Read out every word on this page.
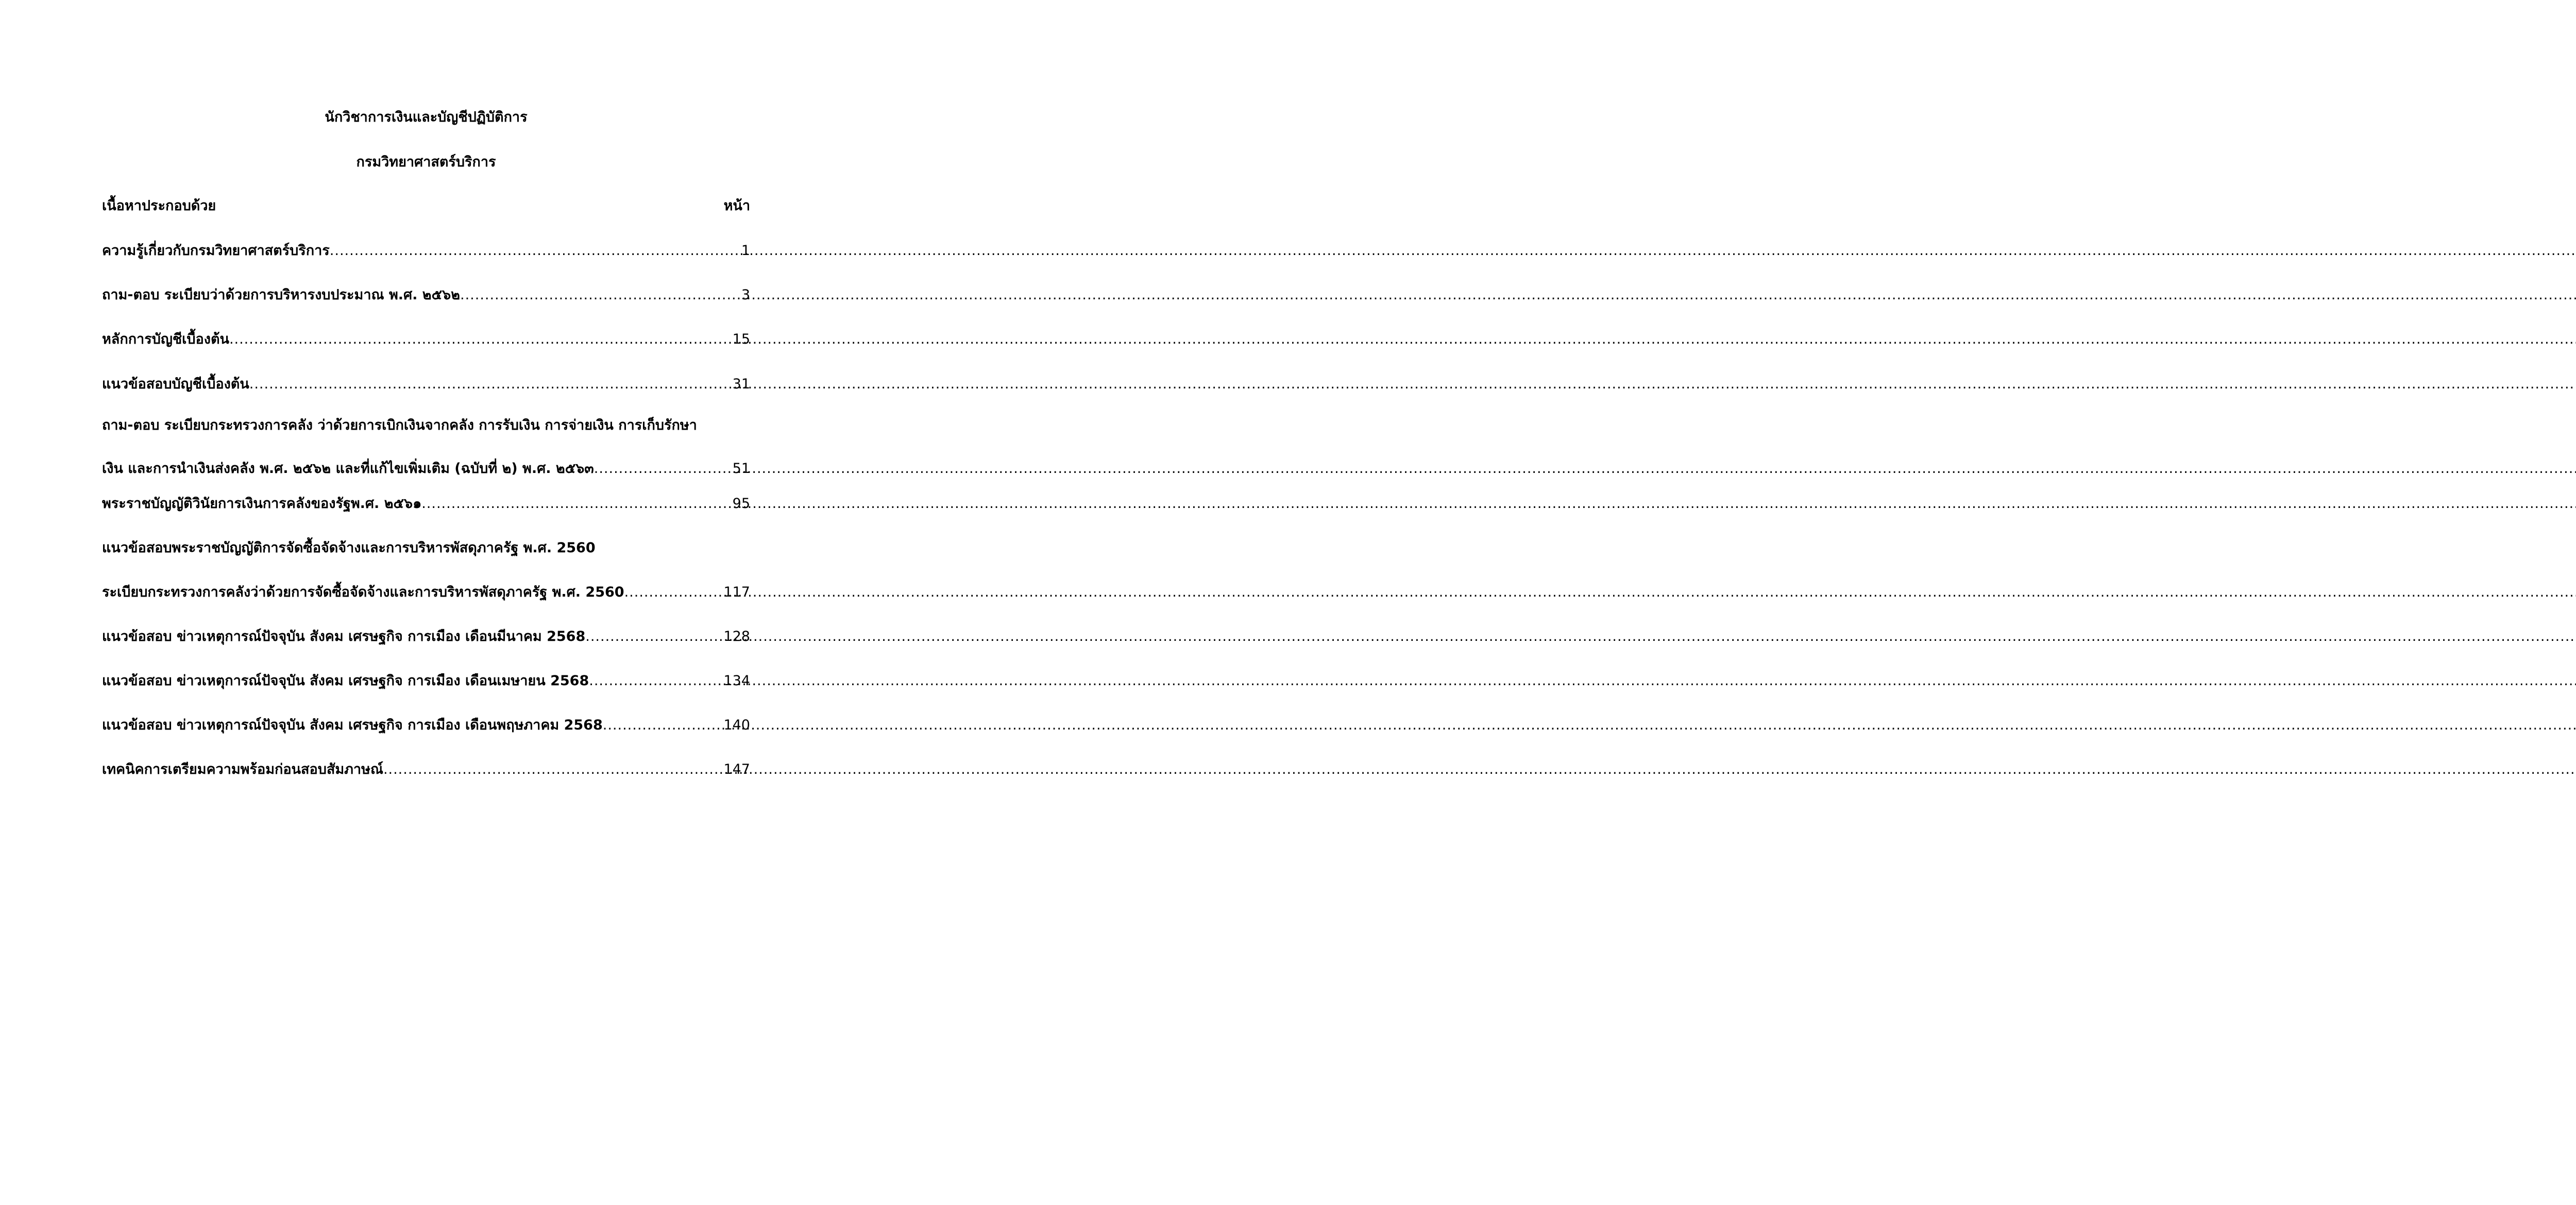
นักวิชาการเงินและบัญชีปฏิบัติการ
กรมวิทยาศาสตร์บริการ
เนื้อหาประกอบด้วย	หน้า
ความรู้เกี่ยวกับกรมวิทยาศาสตร์บริการ .....	1
ถาม-ตอบ ระเบียบว่าด้วยการบริหารงบประมาณ พ.ศ. ๒๕๖๒ .....	3
หลักการบัญชีเบื้องต้น .....	15
แนวข้อสอบบัญชีเบื้องต้น .....	31
ถาม-ตอบ ระเบียบกระทรวงการคลัง ว่าด้วยการเบิกเงินจากคลัง การรับเงิน การจ่ายเงิน การเก็บรักษา
เงิน และการนำเงินส่งคลัง พ.ศ. ๒๕๖๒ และที่แก้ไขเพิ่มเติม (ฉบับที่ ๒) พ.ศ. ๒๕๖๓ .....	51
พระราชบัญญัติวินัยการเงินการคลังของรัฐพ.ศ. ๒๕๖๑ .....	95
แนวข้อสอบพระราชบัญญัติการจัดซื้อจัดจ้างและการบริหารพัสดุภาครัฐ พ.ศ. 2560
ระเบียบกระทรวงการคลังว่าด้วยการจัดซื้อจัดจ้างและการบริหารพัสดุภาครัฐ พ.ศ. 2560 .....	117
แนวข้อสอบ ข่าวเหตุการณ์ปัจจุบัน สังคม เศรษฐกิจ การเมือง เดือนมีนาคม 2568 .....	128
แนวข้อสอบ ข่าวเหตุการณ์ปัจจุบัน สังคม เศรษฐกิจ การเมือง เดือนเมษายน 2568 .....	134
แนวข้อสอบ ข่าวเหตุการณ์ปัจจุบัน สังคม เศรษฐกิจ การเมือง เดือนพฤษภาคม 2568 .....	140
เทคนิคการเตรียมความพร้อมก่อนสอบสัมภาษณ์ .....	147
